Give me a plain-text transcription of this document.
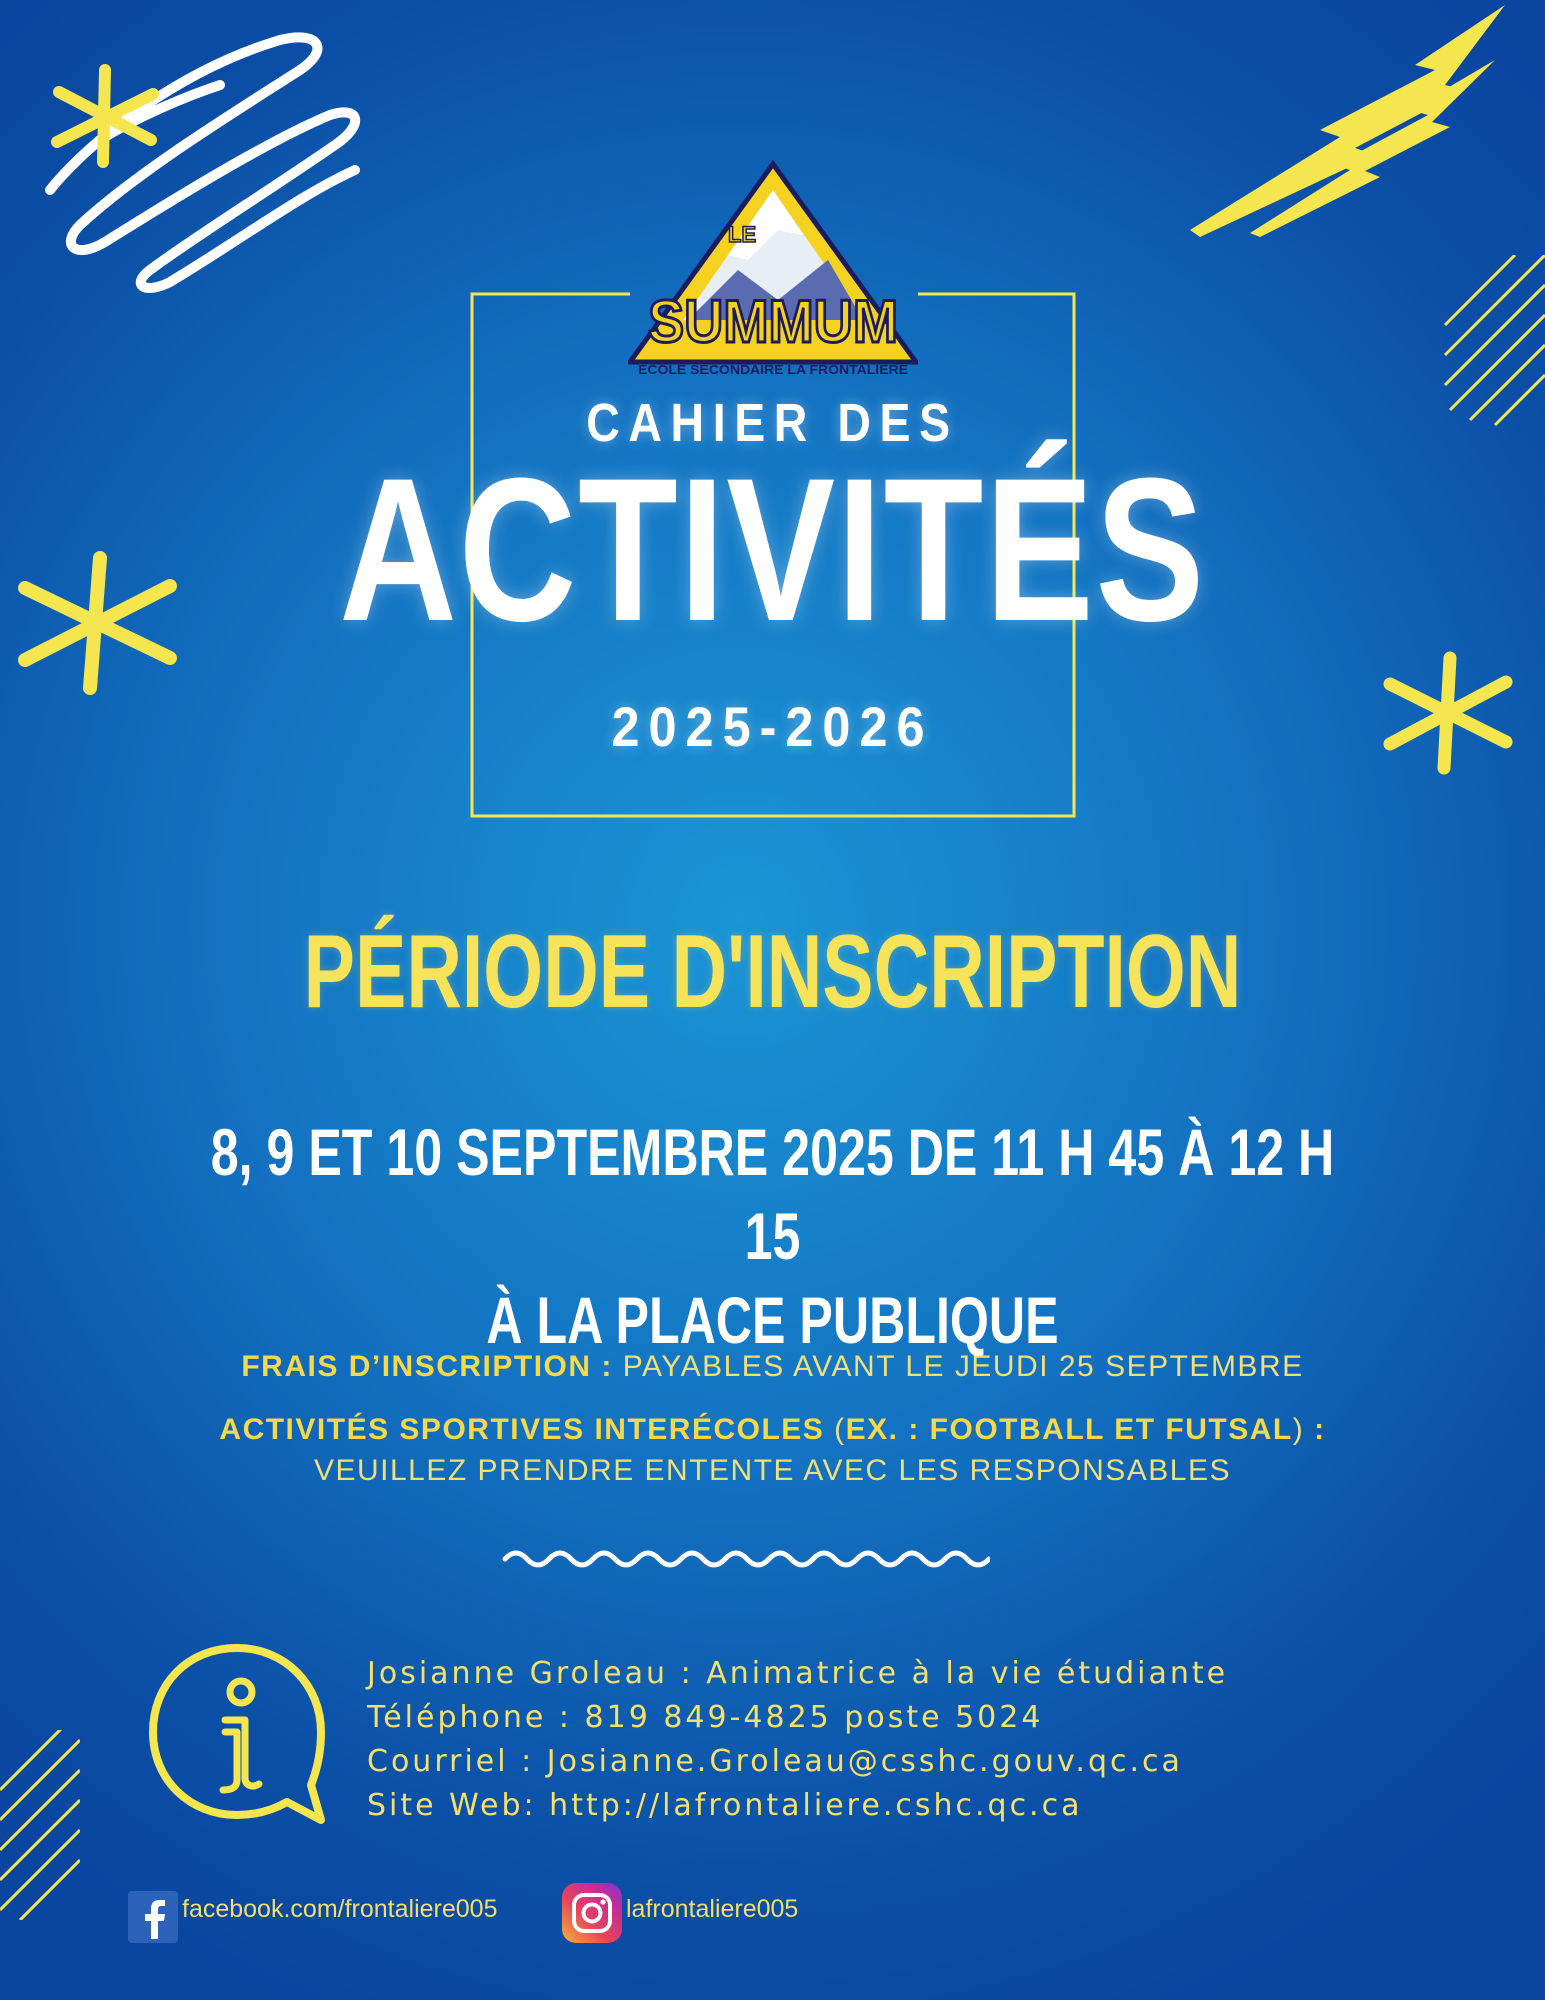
LE
SUMMUM
ÉCOLE SECONDAIRE LA FRONTALIÈRE
CAHIER DES
ACTIVITÉS
2025-2026
PÉRIODE D'INSCRIPTION
8, 9 ET 10 SEPTEMBRE 2025 DE 11 H 45 À 12 H 15
À LA PLACE PUBLIQUE
FRAIS D’INSCRIPTION : PAYABLES AVANT LE JEUDI 25 SEPTEMBRE
ACTIVITÉS SPORTIVES INTERÉCOLES (EX. : FOOTBALL ET FUTSAL) :
VEUILLEZ PRENDRE ENTENTE AVEC LES RESPONSABLES
Josianne Groleau : Animatrice à la vie étudiante
Téléphone : 819 849-4825 poste 5024
Courriel : Josianne.Groleau@csshc.gouv.qc.ca
Site Web: http://lafrontaliere.cshc.qc.ca
facebook.com/frontaliere005	lafrontaliere005
